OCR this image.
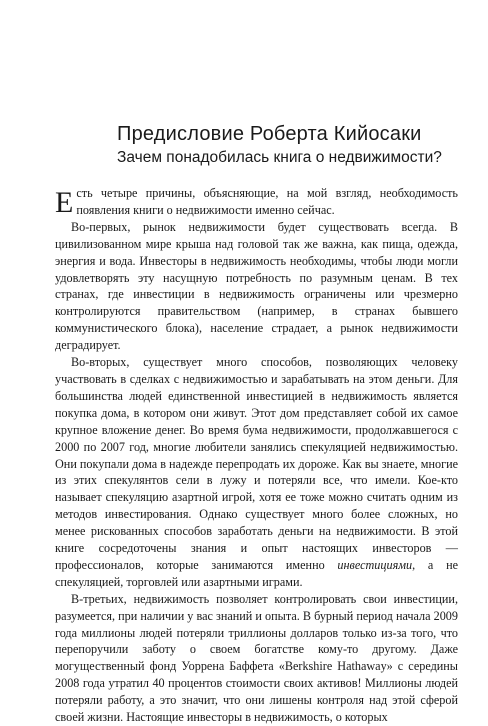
Предисловие Роберта Кийосаки
Зачем понадобилась книга о недвижимости?

Есть четыре причины, объясняющие, на мой взгляд, необходимость появления книги о недвижимости именно сейчас.

Во-первых, рынок недвижимости будет существовать всегда. В цивилизованном мире крыша над головой так же важна, как пища, одежда, энергия и вода. Инвесторы в недвижимость необходимы, чтобы люди могли удовлетворять эту насущную потребность по разумным ценам. В тех странах, где инвестиции в недвижимость ограничены или чрезмерно контролируются правительством (например, в странах бывшего коммунистического блока), население страдает, а рынок недвижимости деградирует.

Во-вторых, существует много способов, позволяющих человеку участвовать в сделках с недвижимостью и зарабатывать на этом деньги. Для большинства людей единственной инвестицией в недвижимость является покупка дома, в котором они живут. Этот дом представляет собой их самое крупное вложение денег. Во время бума недвижимости, продолжавшегося с 2000 по 2007 год, многие любители занялись спекуляцией недвижимостью. Они покупали дома в надежде перепродать их дороже. Как вы знаете, многие из этих спекулянтов сели в лужу и потеряли все, что имели. Кое-кто называет спекуляцию азартной игрой, хотя ее тоже можно считать одним из методов инвестирования. Однако существует много более сложных, но менее рискованных способов заработать деньги на недвижимости. В этой книге сосредоточены знания и опыт настоящих инвесторов — профессионалов, которые занимаются именно инвестициями, а не спекуляцией, торговлей или азартными играми.

В-третьих, недвижимость позволяет контролировать свои инвестиции, разумеется, при наличии у вас знаний и опыта. В бурный период начала 2009 года миллионы людей потеряли триллионы долларов только из-за того, что перепоручили заботу о своем богатстве кому-то другому. Даже могущественный фонд Уоррена Баффета «Berkshire Hathaway» с середины 2008 года утратил 40 процентов стоимости своих активов! Миллионы людей потеряли работу, а это значит, что они лишены контроля над этой сферой своей жизни. Настоящие инвесторы в недвижимость, о которых
